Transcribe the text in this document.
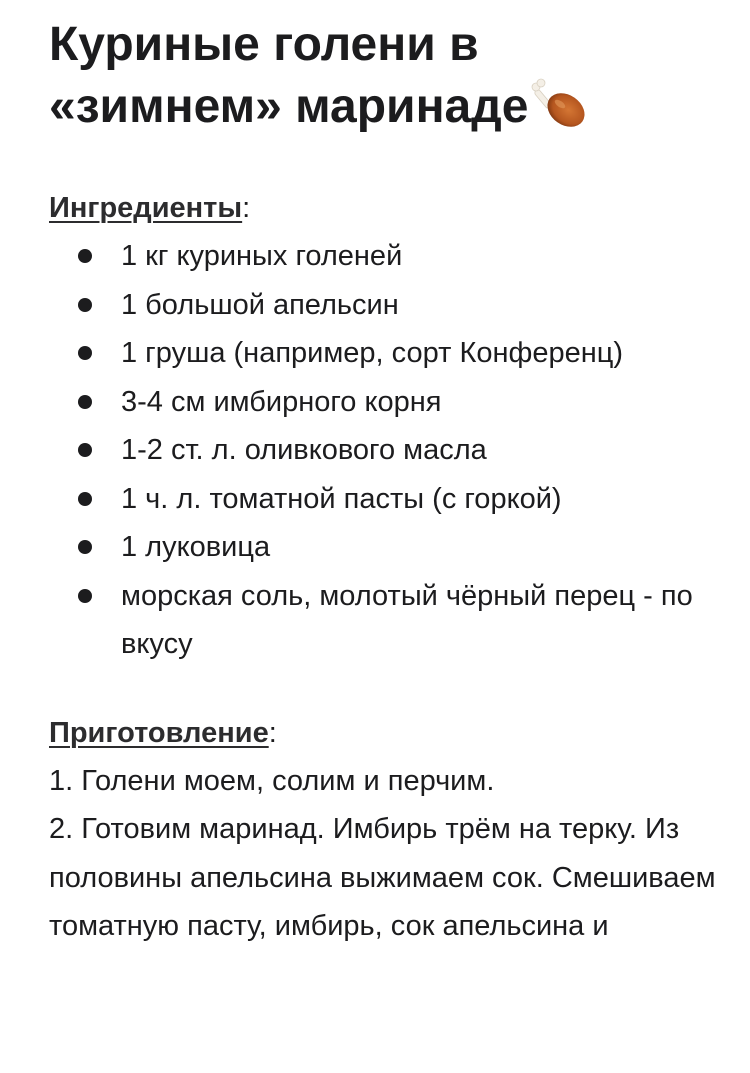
Куриные голени в
«зимнем» маринаде
Ингредиенты:
1 кг куриных голеней
1 большой апельсин
1 груша (например, сорт Конференц)
3-4 см имбирного корня
1-2 ст. л. оливкового масла
1 ч. л. томатной пасты (с горкой)
1 луковица
морская соль, молотый чёрный перец - по вкусу
Приготовление:

1. Голени моем, солим и перчим.

2. Готовим маринад. Имбирь трём на терку. Из половины апельсина выжимаем сок. Смешиваем томатную пасту, имбирь, сок апельсина и
